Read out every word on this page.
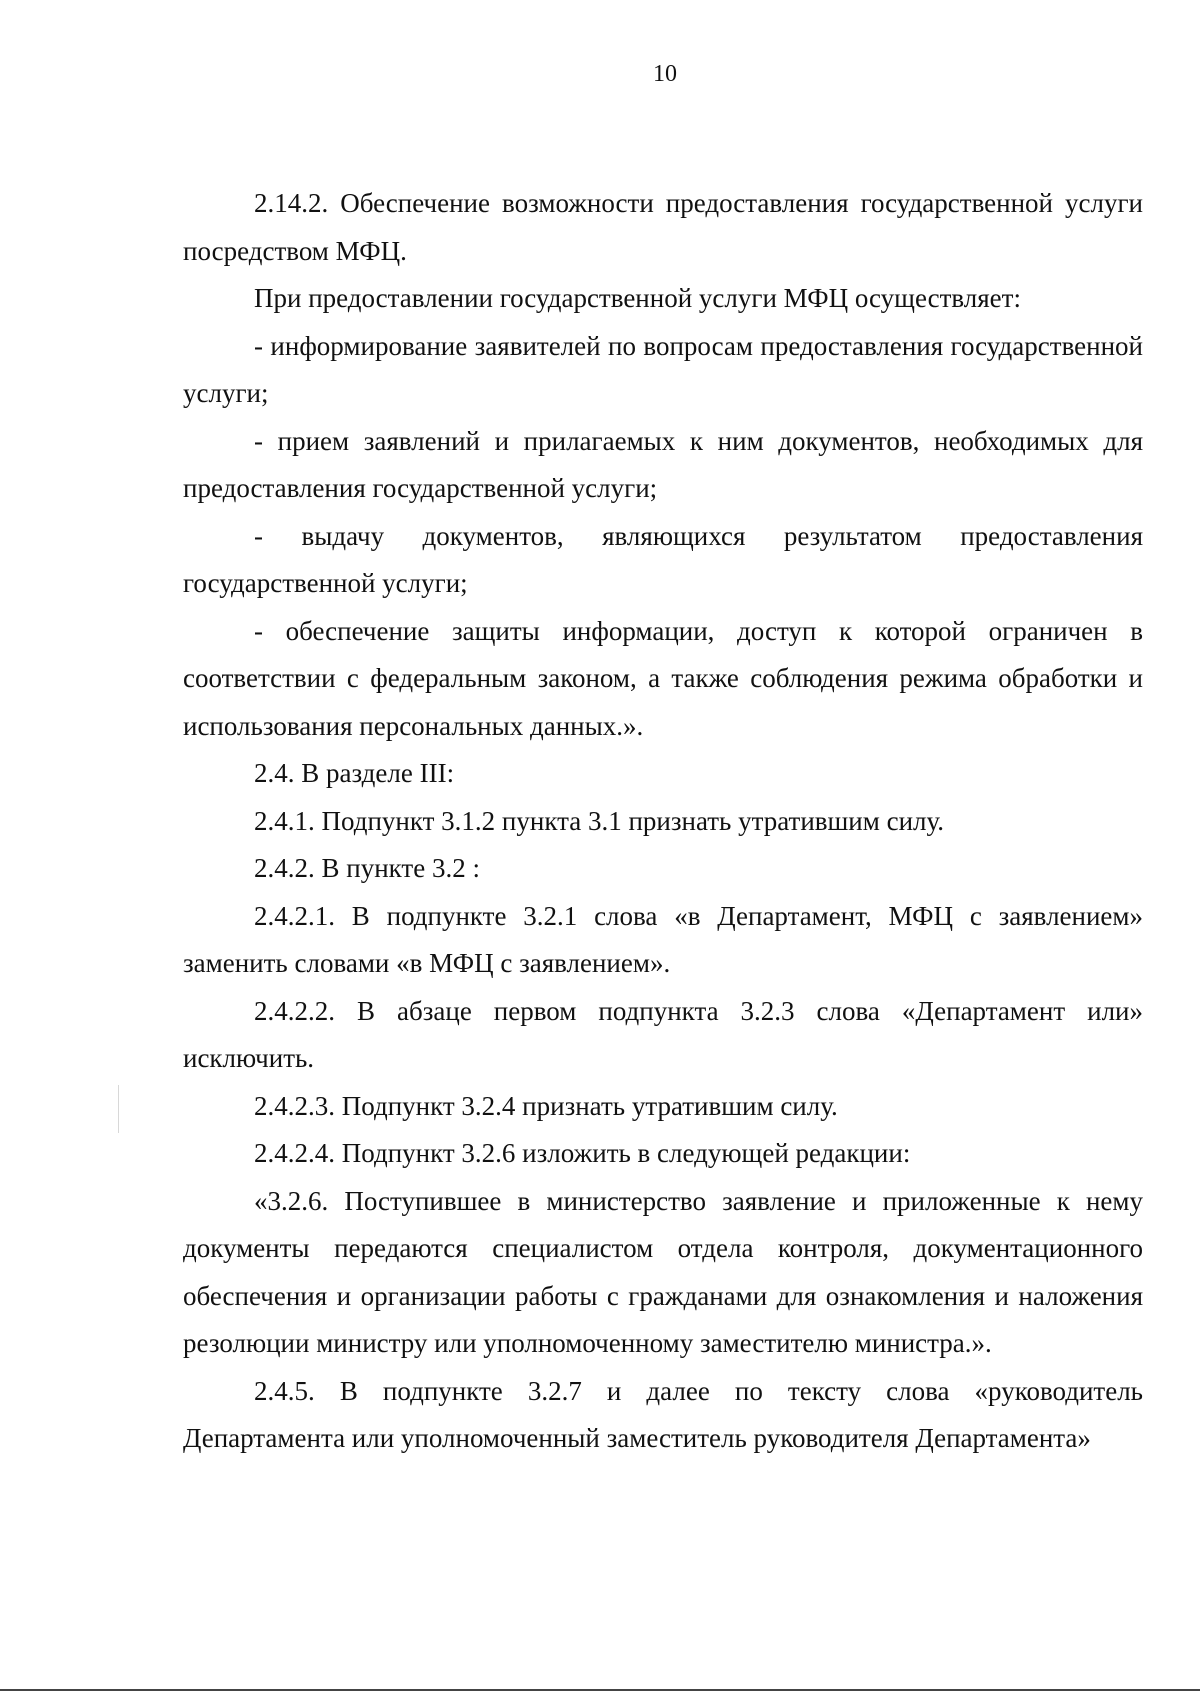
10

2.14.2. Обеспечение возможности предоставления государственной услуги посредством МФЦ.

При предоставлении государственной услуги МФЦ осуществляет:

- информирование заявителей по вопросам предоставления государственной услуги;

- прием заявлений и прилагаемых к ним документов, необходимых для предоставления государственной услуги;

- выдачу документов, являющихся результатом предоставления государственной услуги;

- обеспечение защиты информации, доступ к которой ограничен в соответствии с федеральным законом, а также соблюдения режима обработки и использования персональных данных.».

2.4. В разделе III:

2.4.1. Подпункт 3.1.2 пункта 3.1 признать утратившим силу.

2.4.2. В пункте 3.2 :

2.4.2.1. В подпункте 3.2.1 слова «в Департамент, МФЦ с заявлением» заменить словами «в МФЦ с заявлением».

2.4.2.2. В абзаце первом подпункта 3.2.3 слова «Департамент или» исключить.

2.4.2.3. Подпункт 3.2.4 признать утратившим силу.

2.4.2.4. Подпункт 3.2.6 изложить в следующей редакции:

«3.2.6. Поступившее в министерство заявление и приложенные к нему документы передаются специалистом отдела контроля, документационного обеспечения и организации работы с гражданами для ознакомления и наложения резолюции министру или уполномоченному заместителю министра.».

2.4.5. В подпункте 3.2.7 и далее по тексту слова «руководитель Департамента или уполномоченный заместитель руководителя Департамента»
